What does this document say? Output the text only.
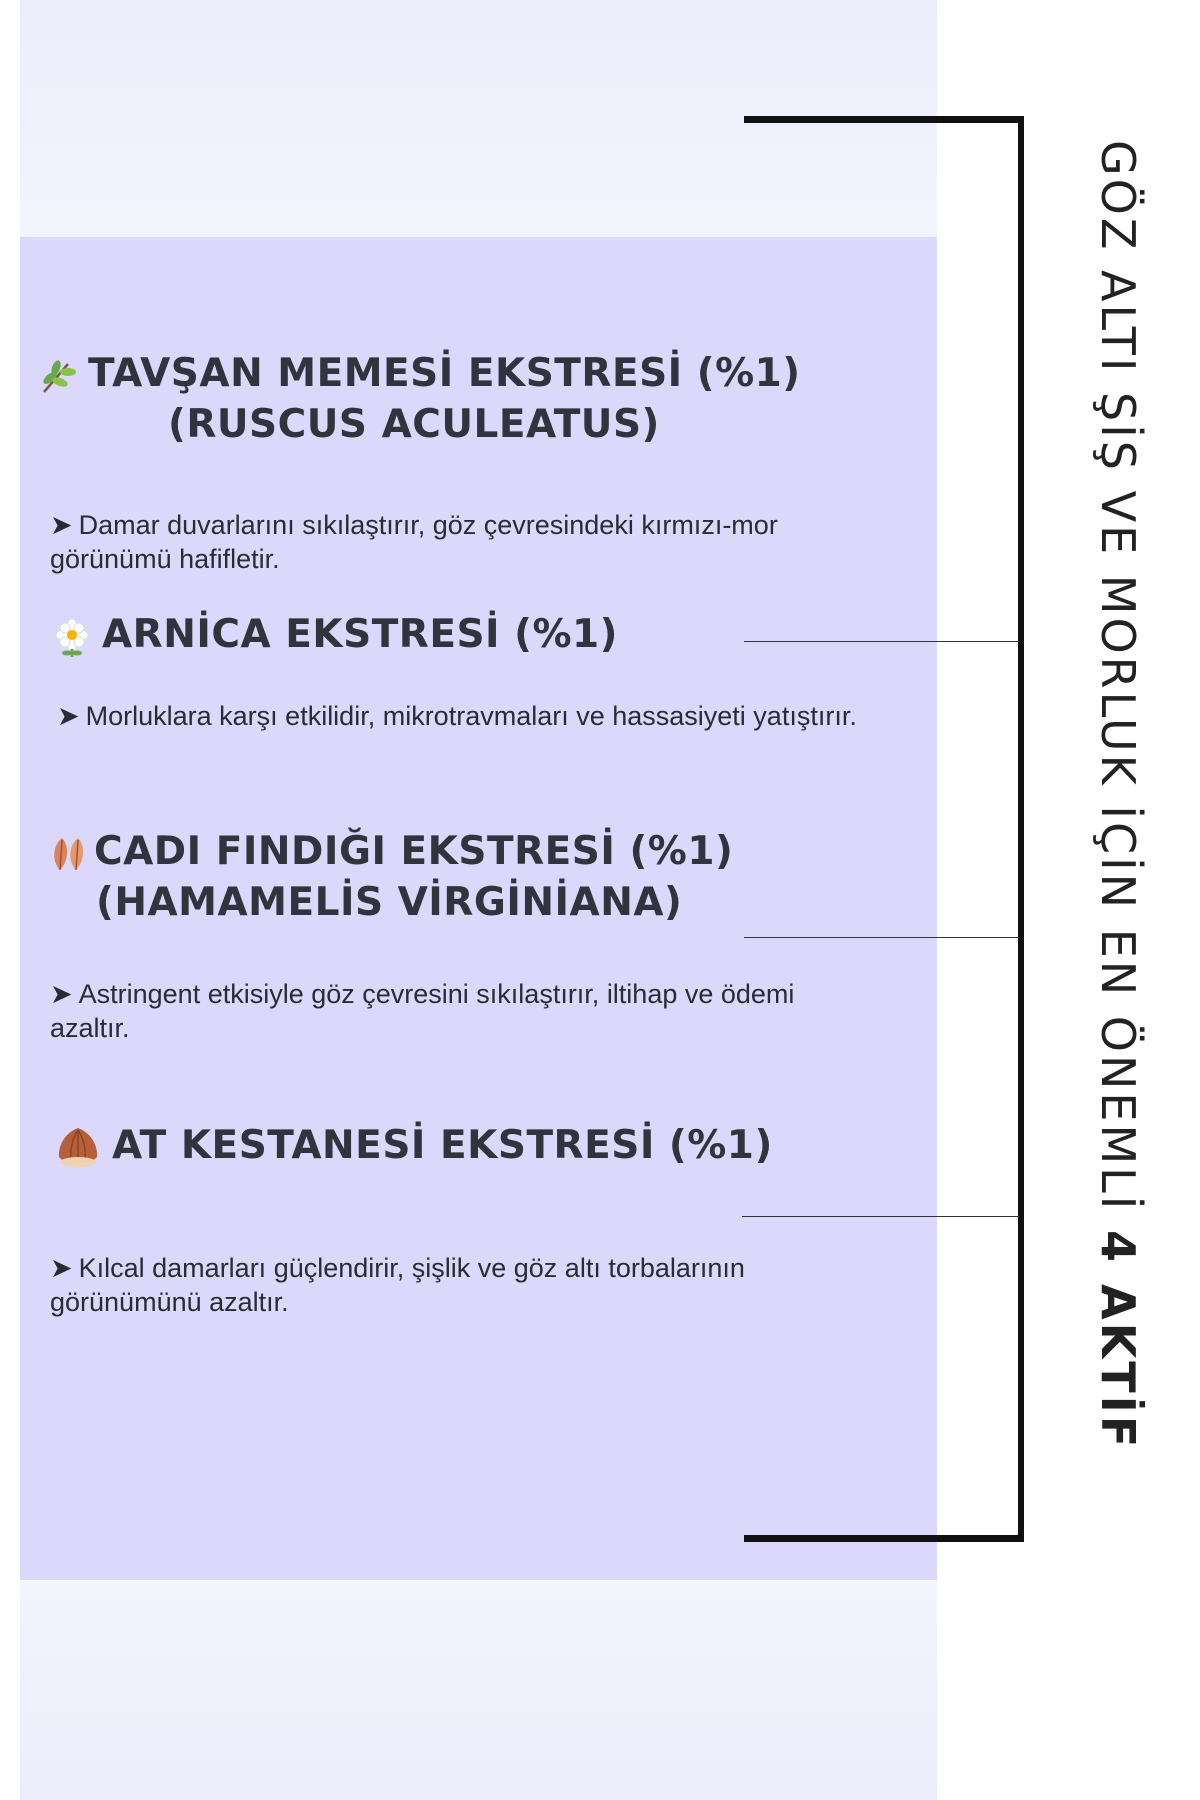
TAVŞAN MEMESİ EKSTRESİ (%1)
(RUSCUS ACULEATUS)
➤ Damar duvarlarını sıkılaştırır, göz çevresindeki kırmızı-mor görünümü hafifletir.
ARNİCA EKSTRESİ (%1)
➤ Morluklara karşı etkilidir, mikrotravmaları ve hassasiyeti yatıştırır.
CADI FINDIĞI EKSTRESİ (%1)
(HAMAMELİS VİRGİNİANA)
➤ Astringent etkisiyle göz çevresini sıkılaştırır, iltihap ve ödemi azaltır.
AT KESTANESİ EKSTRESİ (%1)
➤ Kılcal damarları güçlendirir, şişlik ve göz altı torbalarının görünümünü azaltır.
GÖZ ALTI ŞİŞ VE MORLUK İÇİN EN ÖNEMLİ 4 AKTİF
